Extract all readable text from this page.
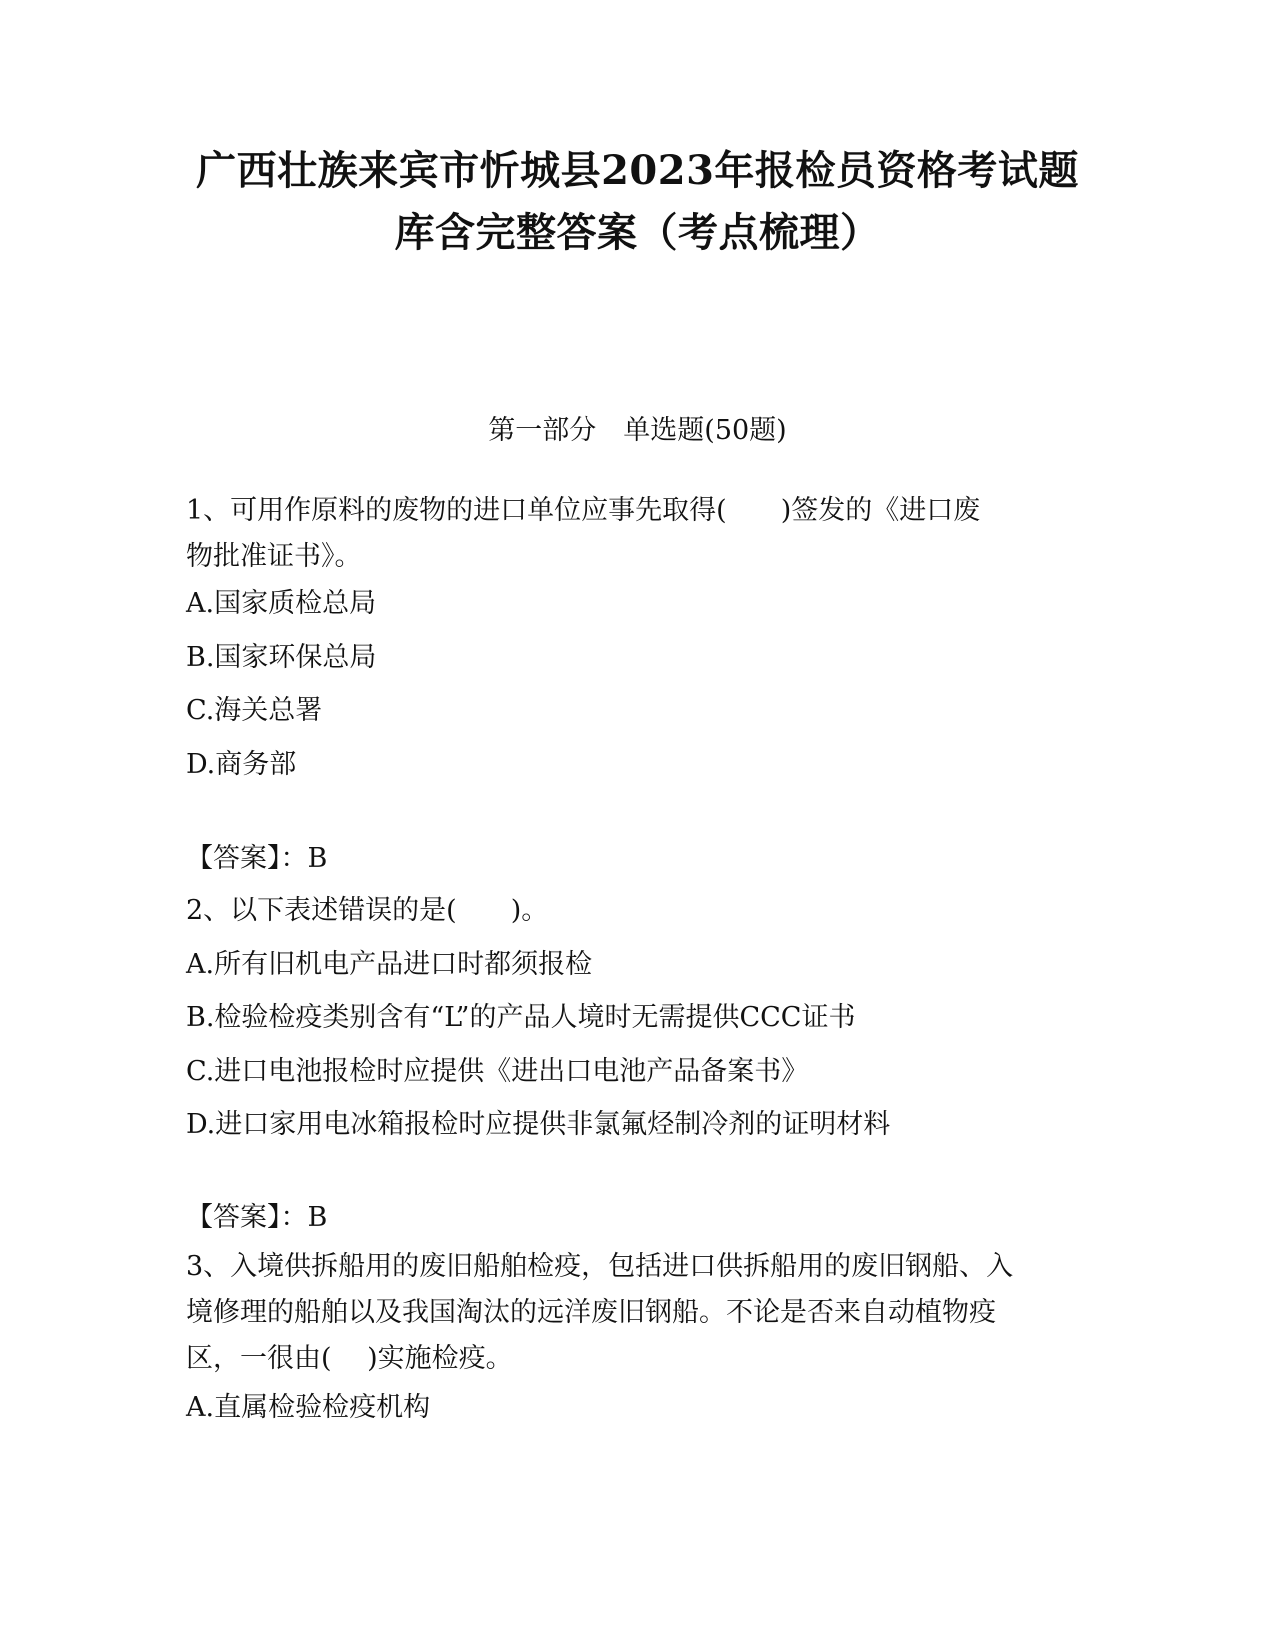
广西壮族来宾市忻城县2023年报检员资格考试题
库含完整答案（考点梳理）
第一部分　单选题(50题)
1、可用作原料的废物的进口单位应事先取得(　　)签发的《进口废
物批准证书》。
A.国家质检总局
B.国家环保总局
C.海关总署
D.商务部
【答案】：B
2、以下表述错误的是(　　)。
A.所有旧机电产品进口时都须报检
B.检验检疫类别含有“L”的产品人境时无需提供CCC证书
C.进口电池报检时应提供《进出口电池产品备案书》
D.进口家用电冰箱报检时应提供非氯氟烃制冷剂的证明材料
【答案】：B
3、入境供拆船用的废旧船舶检疫，包括进口供拆船用的废旧钢船、入
境修理的船舶以及我国淘汰的远洋废旧钢船。不论是否来自动植物疫
区，一很由(　 )实施检疫。
A.直属检验检疫机构
